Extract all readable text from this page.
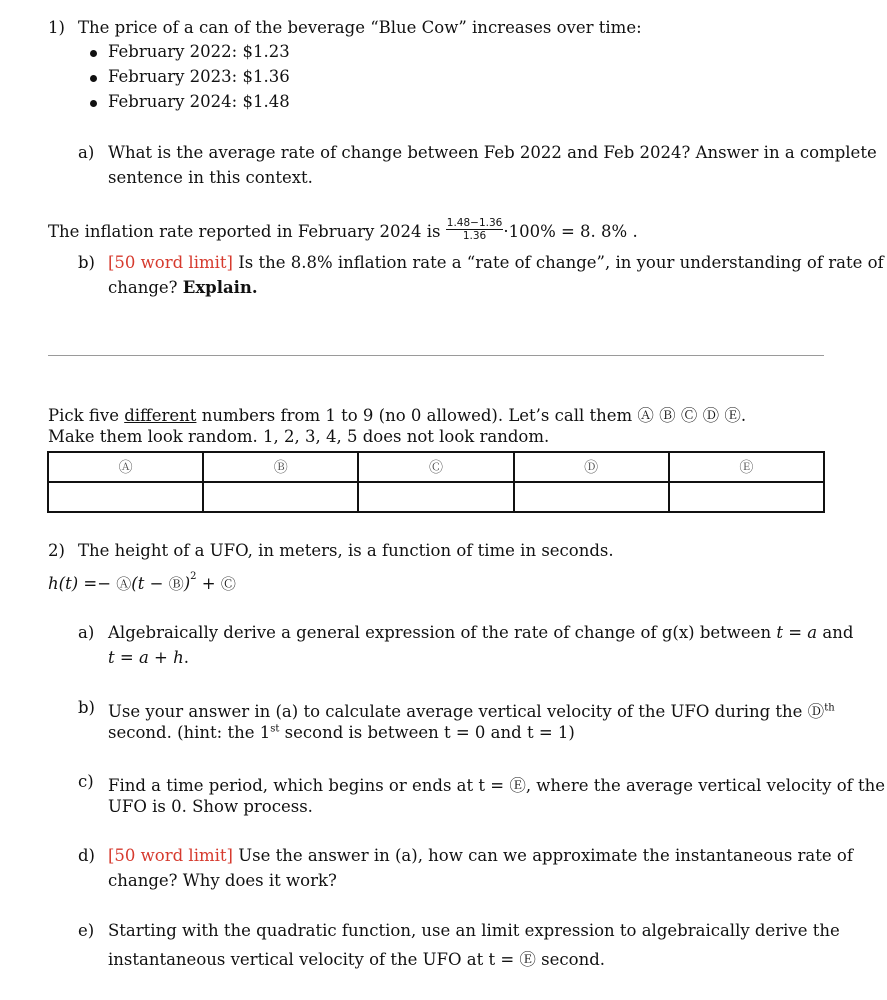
1) The price of a can of the beverage “Blue Cow” increases over time:
February 2022: $1.23
February 2023: $1.36
February 2024: $1.48
a) What is the average rate of change between Feb 2022 and Feb 2024? Answer in a complete
sentence in this context.
The inflation rate reported in February 2024 is $\frac{1.48-1.36}{1.36} \cdot 100\% = 8$. 8% .
b) [50 word limit] Is the 8.8% inflation rate a “rate of change”, in your understanding of rate of
change? Explain.
Pick five different numbers from 1 to 9 (no 0 allowed). Let’s call them Ⓐ Ⓑ Ⓒ Ⓓ Ⓔ.
Make them look random. 1, 2, 3, 4, 5 does not look random.
Ⓐ	Ⓑ	Ⓒ	Ⓓ	Ⓔ

2) The height of a UFO, in meters, is a function of time in seconds.
h(t) =− Ⓐ(t − Ⓑ)$^2$ + Ⓒ
a) Algebraically derive a general expression of the rate of change of g(x) between t = a and
t = a + h.
b) Use your answer in (a) to calculate average vertical velocity of the UFO during the Ⓓ$^{th}$
second. (hint: the 1st second is between t = 0 and t = 1)
c) Find a time period, which begins or ends at t = Ⓔ, where the average vertical velocity of the
UFO is 0. Show process.
d) [50 word limit] Use the answer in (a), how can we approximate the instantaneous rate of
change? Why does it work?
e) Starting with the quadratic function, use an limit expression to algebraically derive the
instantaneous vertical velocity of the UFO at t = Ⓔ second.
